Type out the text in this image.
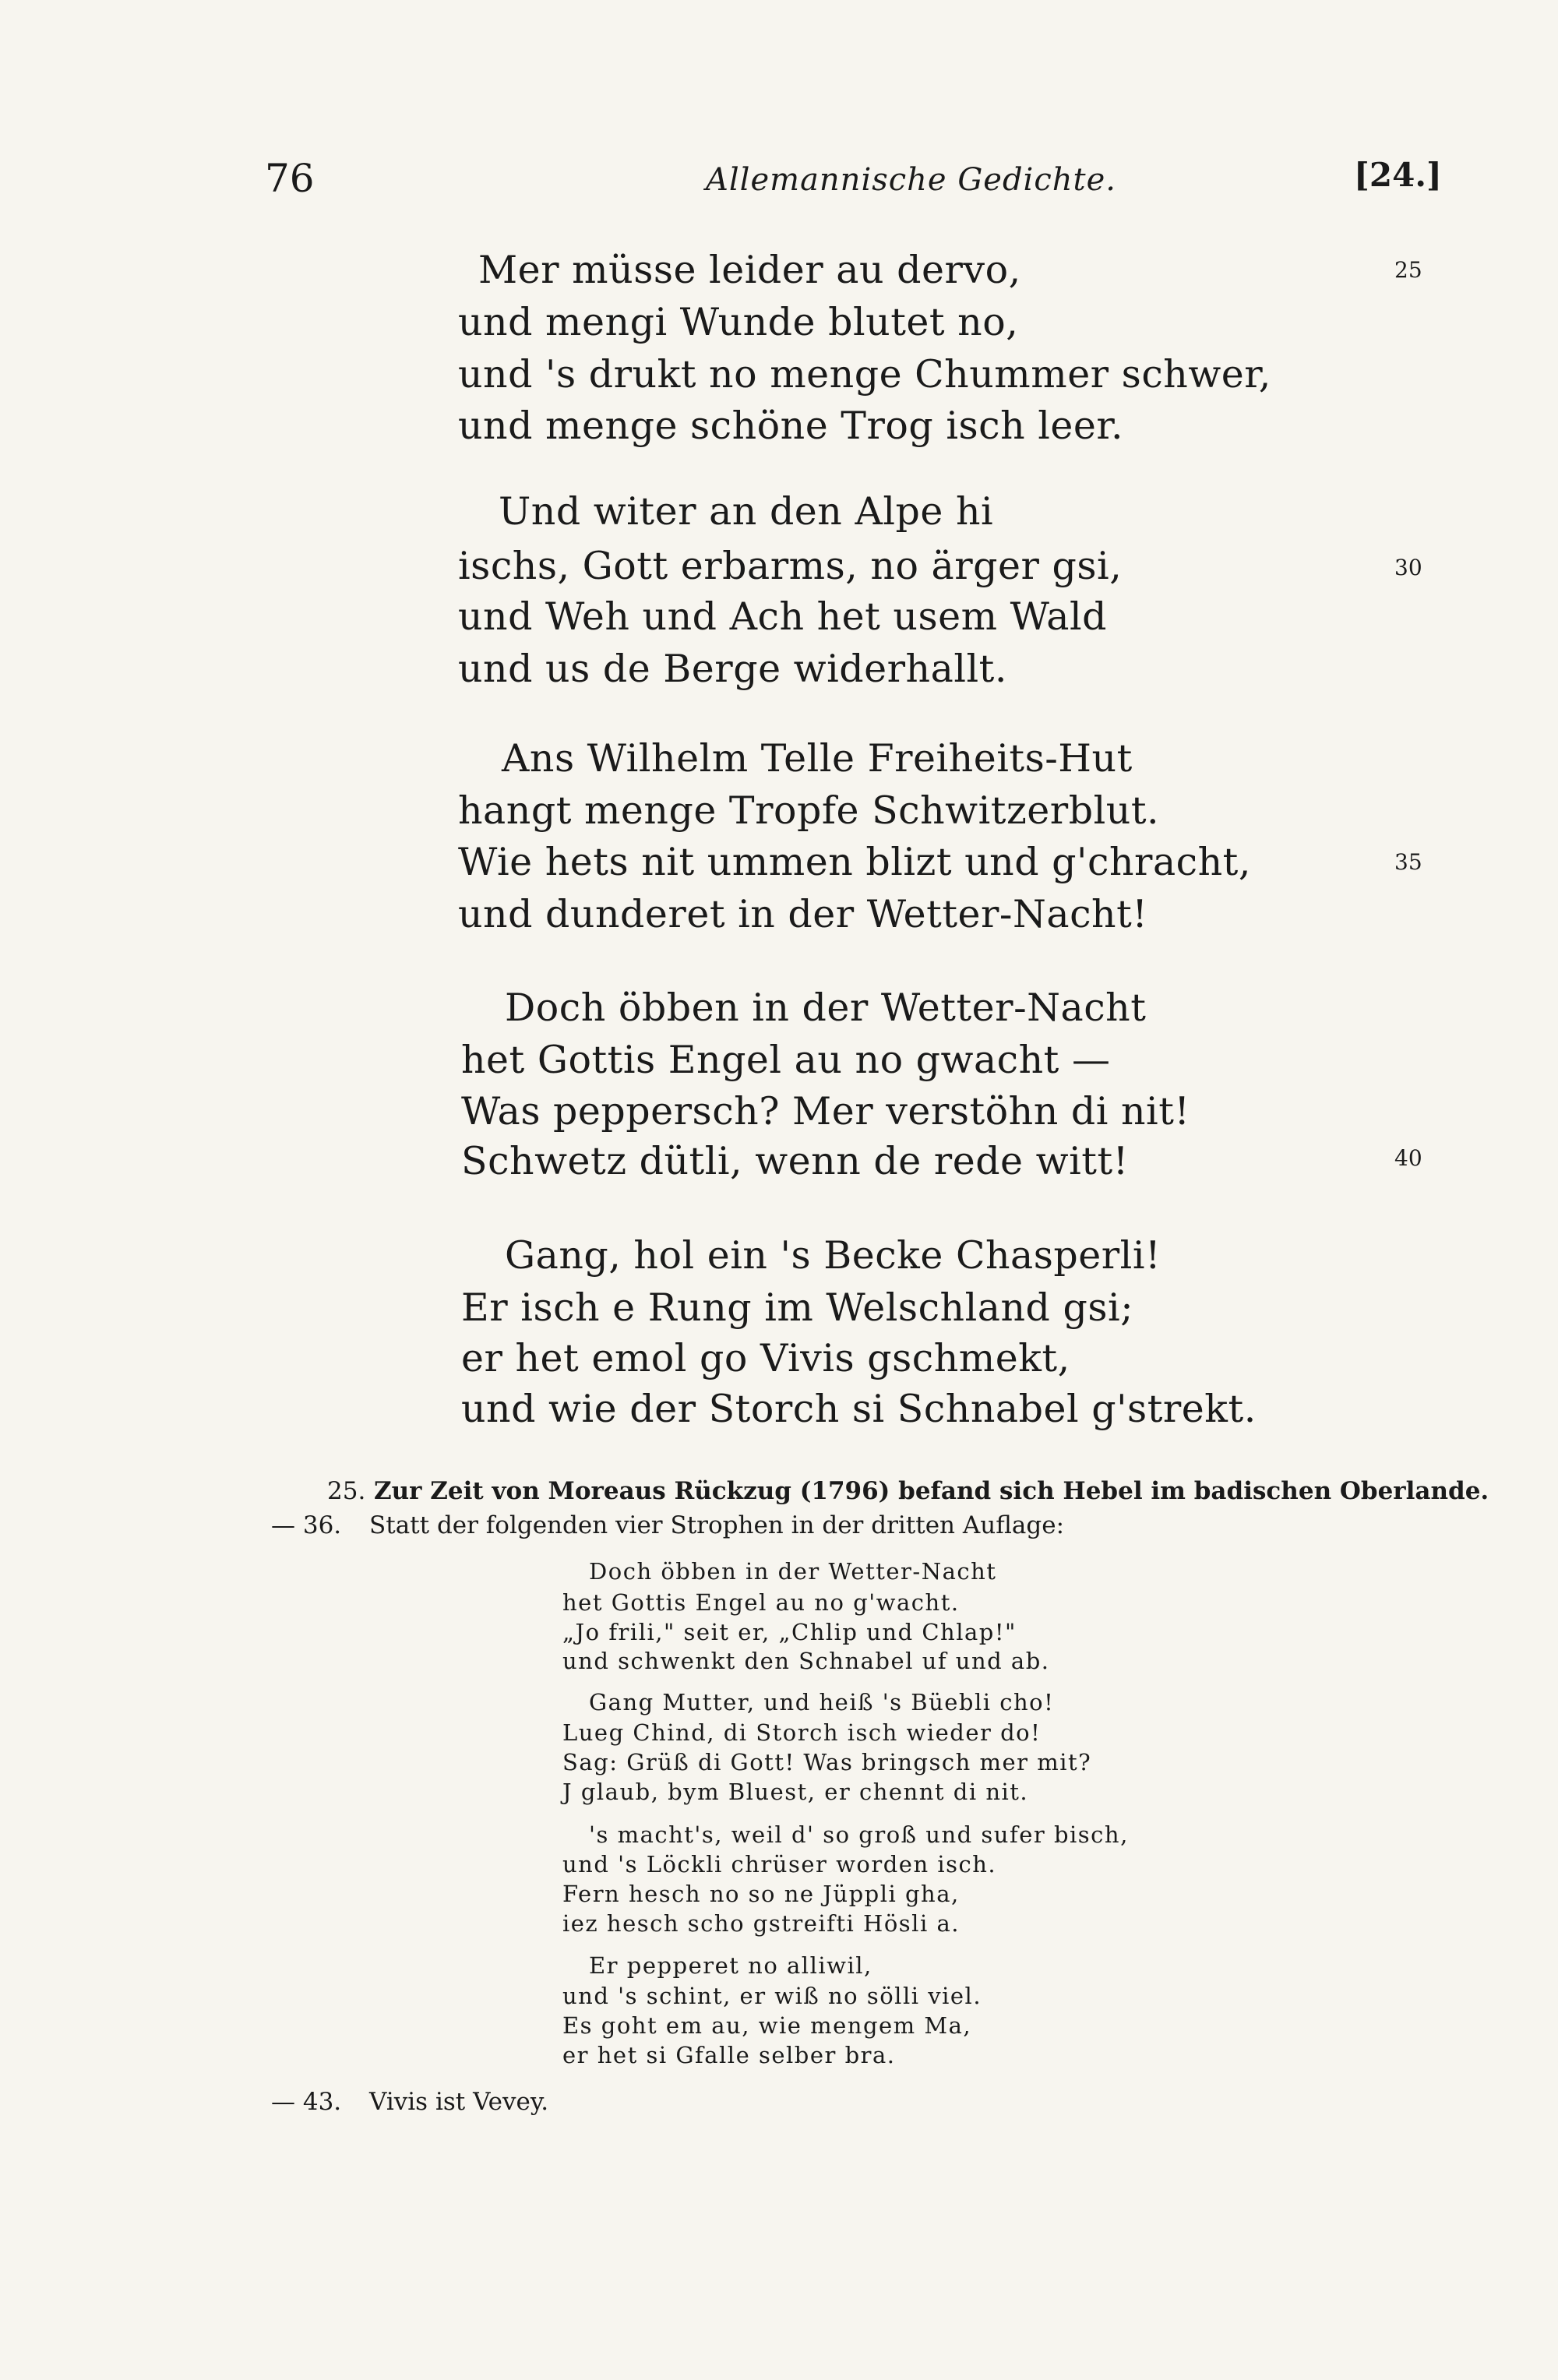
76	Allemannische Gedichte.	[24.]
Mer müsse leider au dervo,
und mengi Wunde blutet no,
und 's drukt no menge Chummer schwer,
und menge schöne Trog isch leer.
25
Und witer an den Alpe hi
ischs, Gott erbarms, no ärger gsi,
und Weh und Ach het usem Wald
und us de Berge widerhallt.
30
Ans Wilhelm Telle Freiheits-Hut
hangt menge Tropfe Schwitzerblut.
Wie hets nit ummen blizt und g'chracht,
und dunderet in der Wetter-Nacht!
35
Doch öbben in der Wetter-Nacht
het Gottis Engel au no gwacht —
Was peppersch? Mer verstöhn di nit!
Schwetz dütli, wenn de rede witt!	40
Gang, hol ein 's Becke Chasperli!
Er isch e Rung im Welschland gsi;
er het emol go Vivis gschmekt,
und wie der Storch si Schnabel g'strekt.
25. Zur Zeit von Moreaus Rückzug (1796) befand sich Hebel im badischen Oberlande.
— 36. Statt der folgenden vier Strophen in der dritten Auflage:
Doch öbben in der Wetter-Nacht
het Gottis Engel au no g'wacht.
„Jo frili," seit er, „Chlip und Chlap!"
und schwenkt den Schnabel uf und ab.
Gang Mutter, und heiß 's Büebli cho!
Lueg Chind, di Storch isch wieder do!
Sag: Grüß di Gott! Was bringsch mer mit?
J glaub, bym Bluest, er chennt di nit.
's macht's, weil d' so groß und sufer bisch,
und 's Löckli chrüser worden isch.
Fern hesch no so ne Jüppli gha,
iez hesch scho gstreifti Hösli a.
Er pepperet no alliwil,
und 's schint, er wiß no sölli viel.
Es goht em au, wie mengem Ma,
er het si Gfalle selber bra.
— 43. Vivis ist Vevey.
